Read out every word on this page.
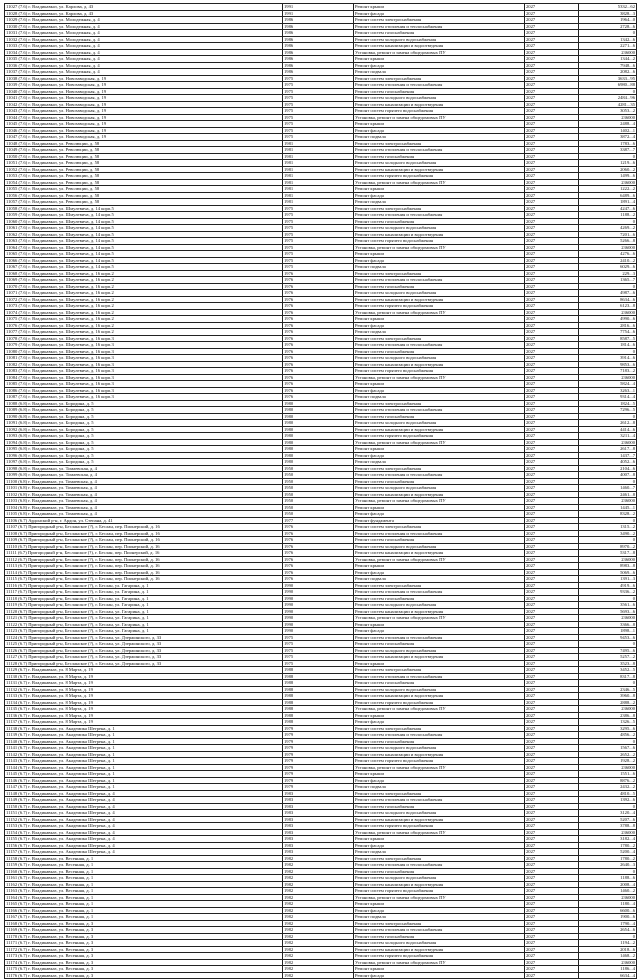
11027 (7.6) г. Владикавказ, ул. Карлова, д. 43	1991	Ремонт крыши	2027	5332...62
11028 (7.6) г. Владикавказ, ул. Карлова, д. 43	1991	Ремонт фасада	2027	3828...3
11029 (7.6) г. Владикавказ, ул. Молодежная, д. 4	1986	Ремонт систем электроснабжения	2027	1964...0
11030 (7.6) г. Владикавказ, ул. Молодежная, д. 4	1986	Ремонт систем отопления и теплоснабжения	2027	2728...6
11031 (7.6) г. Владикавказ, ул. Молодежная, д. 4	1986	Ремонт систем газоснабжения	2027	0
11032 (7.6) г. Владикавказ, ул. Молодежная, д. 4	1986	Ремонт систем холодного водоснабжения	2027	1342...6
11033 (7.6) г. Владикавказ, ул. Молодежная, д. 4	1986	Ремонт систем канализации и водоотведения	2027	2271...6
11034 (7.6) г. Владикавказ, ул. Молодежная, д. 4	1986	Установка, ремонт и замена общедомовых ПУ	2027	236000
11035 (7.6) г. Владикавказ, ул. Молодежная, д. 4	1986	Ремонт крыши	2027	1344...2
11036 (7.6) г. Владикавказ, ул. Молодежная, д. 4	1986	Ремонт фасада	2027	7948...6
11037 (7.6) г. Владикавказ, ул. Молодежная, д. 4	1986	Ремонт подвала	2027	2082...6
11038 (7.6) г. Владикавказ, ул. Новозаводская, д. 19	1975	Ремонт систем электроснабжения	2027	3633...95
11039 (7.6) г. Владикавказ, ул. Новозаводская, д. 19	1975	Ремонт систем отопления и теплоснабжения	2027	6980...88
11040 (7.6) г. Владикавказ, ул. Новозаводская, д. 19	1975	Ремонт систем газоснабжения	2027	0
11041 (7.6) г. Владикавказ, ул. Новозаводская, д. 19	1975	Ремонт систем холодного водоснабжения	2027	2484...96
11042 (7.6) г. Владикавказ, ул. Новозаводская, д. 19	1975	Ремонт систем канализации и водоотведения	2027	4281...35
11043 (7.6) г. Владикавказ, ул. Новозаводская, д. 19	1975	Ремонт систем горячего водоснабжения	2027	3053...2
11044 (7.6) г. Владикавказ, ул. Новозаводская, д. 19	1975	Установка, ремонт и замена общедомовых ПУ	2027	236000
11045 (7.6) г. Владикавказ, ул. Новозаводская, д. 19	1975	Ремонт крыши	2027	2488...4
11046 (7.6) г. Владикавказ, ул. Новозаводская, д. 19	1975	Ремонт фасада	2027	1402...1
11047 (7.6) г. Владикавказ, ул. Новозаводская, д. 19	1975	Ремонт подвала	2027	3872...4
11048 (7.6) г. Владикавказ, ул. Революции, д. 58	1981	Ремонт систем электроснабжения	2027	1783...6
11049 (7.6) г. Владикавказ, ул. Революции, д. 58	1981	Ремонт систем отопления и теплоснабжения	2027	3387...7
11050 (7.6) г. Владикавказ, ул. Революции, д. 58	1981	Ремонт систем газоснабжения	2027	0
11051 (7.6) г. Владикавказ, ул. Революции, д. 58	1981	Ремонт систем холодного водоснабжения	2027	1219...6
11052 (7.6) г. Владикавказ, ул. Революции, д. 58	1981	Ремонт систем канализации и водоотведения	2027	2060...2
11053 (7.6) г. Владикавказ, ул. Революции, д. 58	1981	Ремонт систем горячего водоснабжения	2027	1499...6
11054 (7.6) г. Владикавказ, ул. Революции, д. 58	1981	Установка, ремонт и замена общедомовых ПУ	2027	236000
11055 (7.6) г. Владикавказ, ул. Революции, д. 58	1981	Ремонт крыши	2027	1222...2
11056 (7.6) г. Владикавказ, ул. Революции, д. 58	1981	Ремонт фасада	2027	6489...6
11057 (7.6) г. Владикавказ, ул. Революции, д. 58	1981	Ремонт подвала	2027	1891...4
11058 (7.6) г. Владикавказ, ул. Шмулевича, д. 14 корп.5	1975	Ремонт систем электроснабжения	2027	4247...6
11059 (7.6) г. Владикавказ, ул. Шмулевича, д. 14 корп.5	1975	Ремонт систем отопления и теплоснабжения	2027	1188...2
11060 (7.6) г. Владикавказ, ул. Шмулевича, д. 14 корп.5	1975	Ремонт систем газоснабжения	2027	0
11061 (7.6) г. Владикавказ, ул. Шмулевича, д. 14 корп.5	1975	Ремонт систем холодного водоснабжения	2027	4269...2
11062 (7.6) г. Владикавказ, ул. Шмулевича, д. 14 корп.5	1975	Ремонт систем канализации и водоотведения	2027	7201...6
11063 (7.6) г. Владикавказ, ул. Шмулевича, д. 14 корп.5	1975	Ремонт систем горячего водоснабжения	2027	5266...8
11064 (7.6) г. Владикавказ, ул. Шмулевича, д. 14 корп.5	1975	Установка, ремонт и замена общедомовых ПУ	2027	236000
11065 (7.6) г. Владикавказ, ул. Шмулевича, д. 14 корп.5	1975	Ремонт крыши	2027	4276...6
11066 (7.6) г. Владикавказ, ул. Шмулевича, д. 14 корп.5	1975	Ремонт фасада	2027	2410...2
11067 (7.6) г. Владикавказ, ул. Шмулевича, д. 14 корп.5	1975	Ремонт подвала	2027	6029...6
11068 (7.6) г. Владикавказ, ул. Шмулевича, д. 16 корп.2	1976	Ремонт систем электроснабжения	2027	229...3
11069 (7.6) г. Владикавказ, ул. Шмулевича, д. 16 корп.2	1976	Ремонт систем отопления и теплоснабжения	2027	1365...7
11070 (7.6) г. Владикавказ, ул. Шмулевича, д. 16 корп.2	1976	Ремонт систем газоснабжения	2027	0
11071 (7.6) г. Владикавказ, ул. Шмулевича, д. 16 корп.2	1976	Ремонт систем холодного водоснабжения	2027	4987...6
11072 (7.6) г. Владикавказ, ул. Шмулевича, д. 16 корп.2	1976	Ремонт систем канализации и водоотведения	2027	8634...6
11073 (7.6) г. Владикавказ, ул. Шмулевича, д. 16 корп.2	1976	Ремонт систем горячего водоснабжения	2027	6123...8
11074 (7.6) г. Владикавказ, ул. Шмулевича, д. 16 корп.2	1976	Установка, ремонт и замена общедомовых ПУ	2027	236000
11075 (7.6) г. Владикавказ, ул. Шмулевича, д. 16 корп.2	1976	Ремонт крыши	2027	4990...6
11076 (7.6) г. Владикавказ, ул. Шмулевича, д. 16 корп.2	1976	Ремонт фасада	2027	2816...6
11077 (7.6) г. Владикавказ, ул. Шмулевича, д. 16 корп.2	1976	Ремонт подвала	2027	7754...6
11078 (7.6) г. Владикавказ, ул. Шмулевича, д. 16 корп.3	1976	Ремонт систем электроснабжения	2027	8587...5
11079 (7.6) г. Владикавказ, ул. Шмулевича, д. 16 корп.3	1976	Ремонт систем отопления и теплоснабжения	2027	1814...6
11080 (7.6) г. Владикавказ, ул. Шмулевича, д. 16 корп.3	1976	Ремонт систем газоснабжения	2027	0
11081 (7.6) г. Владикавказ, ул. Шмулевича, д. 16 корп.3	1976	Ремонт систем холодного водоснабжения	2027	3914...6
11082 (7.6) г. Владикавказ, ул. Шмулевича, д. 16 корп.3	1976	Ремонт систем канализации и водоотведения	2027	9853...6
11083 (7.6) г. Владикавказ, ул. Шмулевича, д. 16 корп.3	1976	Ремонт систем горячего водоснабжения	2027	7183...2
11084 (7.6) г. Владикавказ, ул. Шмулевича, д. 16 корп.3	1976	Установка, ремонт и замена общедомовых ПУ	2027	236000
11085 (7.6) г. Владикавказ, ул. Шмулевича, д. 16 корп.3	1976	Ремонт крыши	2027	5824...4
11086 (7.6) г. Владикавказ, ул. Шмулевича, д. 16 корп.3	1976	Ремонт фасада	2027	3263...1
11087 (7.6) г. Владикавказ, ул. Шмулевича, д. 16 корп.3	1976	Ремонт подвала	2027	9314...4
11088 (6.8) г. Владикавказ, ул. Бородина, д. 5	1980	Ремонт систем электроснабжения	2027	1824...5
11089 (6.8) г. Владикавказ, ул. Бородина, д. 5	1980	Ремонт систем отопления и теплоснабжения	2027	7296...5
11090 (6.8) г. Владикавказ, ул. Бородина, д. 5	1980	Ремонт систем газоснабжения	2027	0
11091 (6.8) г. Владикавказ, ул. Бородина, д. 5	1980	Ремонт систем холодного водоснабжения	2027	2612...8
11092 (6.8) г. Владикавказ, ул. Бородина, д. 5	1980	Ремонт систем канализации и водоотведения	2027	4414...6
11093 (6.8) г. Владикавказ, ул. Бородина, д. 5	1980	Ремонт систем горячего водоснабжения	2027	3211...4
11094 (6.8) г. Владикавказ, ул. Бородина, д. 5	1980	Установка, ремонт и замена общедомовых ПУ	2027	236000
11095 (6.8) г. Владикавказ, ул. Бородина, д. 5	1980	Ремонт крыши	2027	2617...8
11096 (6.8) г. Владикавказ, ул. Бородина, д. 5	1980	Ремонт фасада	2027	1437...7
11097 (6.8) г. Владикавказ, ул. Бородина, д. 5	1980	Ремонт подвала	2027	4052...6
11098 (6.8) г. Владикавказ, ул. Томаевская, д. 4	1950	Ремонт систем электроснабжения	2027	2104...6
11099 (6.8) г. Владикавказ, ул. Томаевская, д. 4	1950	Ремонт систем отопления и теплоснабжения	2027	4007...8
11100 (6.8) г. Владикавказ, ул. Томаевская, д. 4	1950	Ремонт систем газоснабжения	2027	0
11101 (6.8) г. Владикавказ, ул. Томаевская, д. 4	1950	Ремонт систем холодного водоснабжения	2027	1460...7
11102 (6.8) г. Владикавказ, ул. Томаевская, д. 4	1950	Ремонт систем канализации и водоотведения	2027	2461...8
11103 (6.8) г. Владикавказ, ул. Томаевская, д. 4	1950	Установка, ремонт и замена общедомовых ПУ	2027	236000
11104 (6.8) г. Владикавказ, ул. Томаевская, д. 4	1950	Ремонт крыши	2027	1445...1
11105 (6.8) г. Владикавказ, ул. Томаевская, д. 4	1950	Ремонт фасада	2027	8328...2
11106 (6.7) Ардонский р-н, г. Ардон, ул. Степана, д. 41	1977	Ремонт фундамента	2027	0
11107 (6.7) Пригородный р-н, Бесланское (?), г. Беслан, пер. Пионерский, д. 16	1976	Ремонт систем электроснабжения	2027	1315...2
11108 (6.7) Пригородный р-н, Бесланское (?), г. Беслан, пер. Пионерский, д. 16	1976	Ремонт систем отопления и теплоснабжения	2027	3490...2
11109 (6.7) Пригородный р-н, Бесланское (?), г. Беслан, пер. Пионерский, д. 16	1976	Ремонт систем газоснабжения	2027	0
11110 (6.7) Пригородный р-н, Бесланское (?), г. Беслан, пер. Пионерский, д. 16	1976	Ремонт систем холодного водоснабжения	2027	8970...2
11111 (6.7) Пригородный р-н, Бесланское (?), г. Беслан, пер. Пионерский, д. 16	1976	Ремонт систем канализации и водоотведения	2027	5317...8
11112 (6.7) Пригородный р-н, Бесланское (?), г. Беслан, пер. Пионерский, д. 16	1976	Установка, ремонт и замена общедомовых ПУ	2027	236000
11113 (6.7) Пригородный р-н, Бесланское (?), г. Беслан, пер. Пионерский, д. 16	1976	Ремонт крыши	2027	8983...8
11114 (6.7) Пригородный р-н, Бесланское (?), г. Беслан, пер. Пионерский, д. 16	1976	Ремонт фасада	2027	5069...6
11115 (6.7) Пригородный р-н, Бесланское (?), г. Беслан, пер. Пионерский, д. 16	1976	Ремонт подвала	2027	1391...3
11116 (6.7) Пригородный р-н, Бесланское (?), г. Беслан, ул. Гагарина, д. 1	1990	Ремонт систем электроснабжения	2027	4919...6
11117 (6.7) Пригородный р-н, Бесланское (?), г. Беслан, ул. Гагарина, д. 1	1990	Ремонт систем отопления и теплоснабжения	2027	9336...2
11118 (6.7) Пригородный р-н, Бесланское (?), г. Беслан, ул. Гагарина, д. 1	1990	Ремонт систем газоснабжения	2027	0
11119 (6.7) Пригородный р-н, Бесланское (?), г. Беслан, ул. Гагарина, д. 1	1990	Ремонт систем холодного водоснабжения	2027	3561...6
11120 (6.7) Пригородный р-н, Бесланское (?), г. Беслан, ул. Гагарина, д. 1	1990	Ремонт систем канализации и водоотведения	2027	5693...6
11121 (6.7) Пригородный р-н, Бесланское (?), г. Беслан, ул. Гагарина, д. 1	1990	Установка, ремонт и замена общедомовых ПУ	2027	236000
11122 (6.7) Пригородный р-н, Бесланское (?), г. Беслан, ул. Гагарина, д. 1	1990	Ремонт крыши	2027	3366...8
11123 (6.7) Пригородный р-н, Бесланское (?), г. Беслан, ул. Гагарина, д. 1	1990	Ремонт фасада	2027	1898...1
11124 (6.7) Пригородный р-н, Бесланское (?), г. Беслан, ул. Дзержинского, д. 33	1975	Ремонт систем отопления и теплоснабжения	2027	9453...6
11125 (6.7) Пригородный р-н, Бесланское (?), г. Беслан, ул. Дзержинского, д. 33	1975	Ремонт систем газоснабжения	2027	0
11126 (6.7) Пригородный р-н, Бесланское (?), г. Беслан, ул. Дзержинского, д. 33	1975	Ремонт систем холодного водоснабжения	2027	7495...6
11127 (6.7) Пригородный р-н, Бесланское (?), г. Беслан, ул. Дзержинского, д. 33	1975	Ремонт систем канализации и водоотведения	2027	5257...2
11128 (6.7) Пригородный р-н, Бесланское (?), г. Беслан, ул. Дзержинского, д. 33	1975	Ремонт крыши	2027	3523...8
11129 (6.7) г. Владикавказ, ул. 8 Марта, д. 19	1988	Ремонт систем электроснабжения	2027	3452...5
11130 (6.7) г. Владикавказ, ул. 8 Марта, д. 19	1988	Ремонт систем отопления и теплоснабжения	2027	8317...8
11131 (6.7) г. Владикавказ, ул. 8 Марта, д. 19	1988	Ремонт систем газоснабжения	2027	0
11132 (6.7) г. Владикавказ, ул. 8 Марта, д. 19	1988	Ремонт систем холодного водоснабжения	2027	2346...5
11133 (6.7) г. Владикавказ, ул. 8 Марта, д. 19	1988	Ремонт систем канализации и водоотведения	2027	3960...8
11134 (6.7) г. Владикавказ, ул. 8 Марта, д. 19	1988	Ремонт систем горячего водоснабжения	2027	2888...2
11135 (6.7) г. Владикавказ, ул. 8 Марта, д. 19	1988	Установка, ремонт и замена общедомовых ПУ	2027	236000
11136 (6.7) г. Владикавказ, ул. 8 Марта, д. 19	1988	Ремонт крыши	2027	2386...8
11137 (6.7) г. Владикавказ, ул. 8 Марта, д. 19	1988	Ремонт фасада	2027	1326...5
11138 (6.7) г. Владикавказ, ул. Академика Шегрена, д. 1	1979	Ремонт систем электроснабжения	2027	3295...6
11139 (6.7) г. Владикавказ, ул. Академика Шегрена, д. 1	1979	Ремонт систем отопления и теплоснабжения	2027	4856...2
11140 (6.7) г. Владикавказ, ул. Академика Шегрена, д. 1	1979	Ремонт систем газоснабжения	2027	0
11141 (6.7) г. Владикавказ, ул. Академика Шегрена, д. 1	1979	Ремонт систем холодного водоснабжения	2027	1567...6
11142 (6.7) г. Владикавказ, ул. Академика Шегрена, д. 1	1979	Ремонт систем канализации и водоотведения	2027	2652...2
11143 (6.7) г. Владикавказ, ул. Академика Шегрена, д. 1	1979	Ремонт систем горячего водоснабжения	2027	1928...2
11144 (6.7) г. Владикавказ, ул. Академика Шегрена, д. 1	1979	Установка, ремонт и замена общедомовых ПУ	2027	236000
11145 (6.7) г. Владикавказ, ул. Академика Шегрена, д. 1	1979	Ремонт крыши	2027	1551...6
11146 (6.7) г. Владикавказ, ул. Академика Шегрена, д. 1	1979	Ремонт фасада	2027	8876...2
11147 (6.7) г. Владикавказ, ул. Академика Шегрена, д. 1	1979	Ремонт подвала	2027	2432...2
11148 (6.7) г. Владикавказ, ул. Академика Шегрена, д. 4	1983	Ремонт систем электроснабжения	2027	4810...5
11149 (6.7) г. Владикавказ, ул. Академика Шегрена, д. 4	1983	Ремонт систем отопления и теплоснабжения	2027	1392...6
11150 (6.7) г. Владикавказ, ул. Академика Шегрена, д. 4	1983	Ремонт систем газоснабжения	2027	0
11151 (6.7) г. Владикавказ, ул. Академика Шегрена, д. 4	1983	Ремонт систем холодного водоснабжения	2027	3120...4
11152 (6.7) г. Владикавказ, ул. Академика Шегрена, д. 4	1983	Ремонт систем канализации и водоотведения	2027	5207...6
11153 (6.7) г. Владикавказ, ул. Академика Шегрена, д. 4	1983	Ремонт систем горячего водоснабжения	2027	3788...8
11154 (6.7) г. Владикавказ, ул. Академика Шегрена, д. 4	1983	Установка, ремонт и замена общедомовых ПУ	2027	236000
11155 (6.7) г. Владикавказ, ул. Академика Шегрена, д. 4	1983	Ремонт крыши	2027	3182...4
11156 (6.7) г. Владикавказ, ул. Академика Шегрена, д. 4	1983	Ремонт фасада	2027	1780...2
11157 (6.7) г. Владикавказ, ул. Академика Шегрена, д. 4	1983	Ремонт подвала	2027	5200...4
11158 (6.7) г. Владикавказ, ул. Весенняя, д. 1	1982	Ремонт систем электроснабжения	2027	1780...2
11159 (6.7) г. Владикавказ, ул. Весенняя, д. 1	1982	Ремонт систем отопления и теплоснабжения	2027	2640...3
11160 (6.7) г. Владикавказ, ул. Весенняя, д. 1	1982	Ремонт систем газоснабжения	2027	0
11161 (6.7) г. Владикавказ, ул. Весенняя, д. 1	1982	Ремонт систем холодного водоснабжения	2027	1188...6
11162 (6.7) г. Владикавказ, ул. Весенняя, д. 1	1982	Ремонт систем канализации и водоотведения	2027	2008...4
11163 (6.7) г. Владикавказ, ул. Весенняя, д. 1	1982	Ремонт систем горячего водоснабжения	2027	1460...2
11164 (6.7) г. Владикавказ, ул. Весенняя, д. 1	1982	Установка, ремонт и замена общедомовых ПУ	2027	236000
11165 (6.7) г. Владикавказ, ул. Весенняя, д. 1	1982	Ремонт крыши	2027	1180...4
11166 (6.7) г. Владикавказ, ул. Весенняя, д. 1	1982	Ремонт фасада	2027	6600...6
11167 (6.7) г. Владикавказ, ул. Весенняя, д. 1	1982	Ремонт подвала	2027	1900...6
11168 (6.7) г. Владикавказ, ул. Весенняя, д. 3	1982	Ремонт систем электроснабжения	2027	1790...4
11169 (6.7) г. Владикавказ, ул. Весенняя, д. 3	1982	Ремонт систем отопления и теплоснабжения	2027	2654...6
11170 (6.7) г. Владикавказ, ул. Весенняя, д. 3	1982	Ремонт систем газоснабжения	2027	0
11171 (6.7) г. Владикавказ, ул. Весенняя, д. 3	1982	Ремонт систем холодного водоснабжения	2027	1194...2
11172 (6.7) г. Владикавказ, ул. Весенняя, д. 3	1982	Ремонт систем канализации и водоотведения	2027	2018...6
11173 (6.7) г. Владикавказ, ул. Весенняя, д. 3	1982	Ремонт систем горячего водоснабжения	2027	1468...2
11174 (6.7) г. Владикавказ, ул. Весенняя, д. 3	1982	Установка, ремонт и замена общедомовых ПУ	2027	236000
11175 (6.7) г. Владикавказ, ул. Весенняя, д. 3	1982	Ремонт крыши	2027	1186...4
11176 (6.7) г. Владикавказ, ул. Весенняя, д. 3	1982	Ремонт фасада	2027	6634...4
